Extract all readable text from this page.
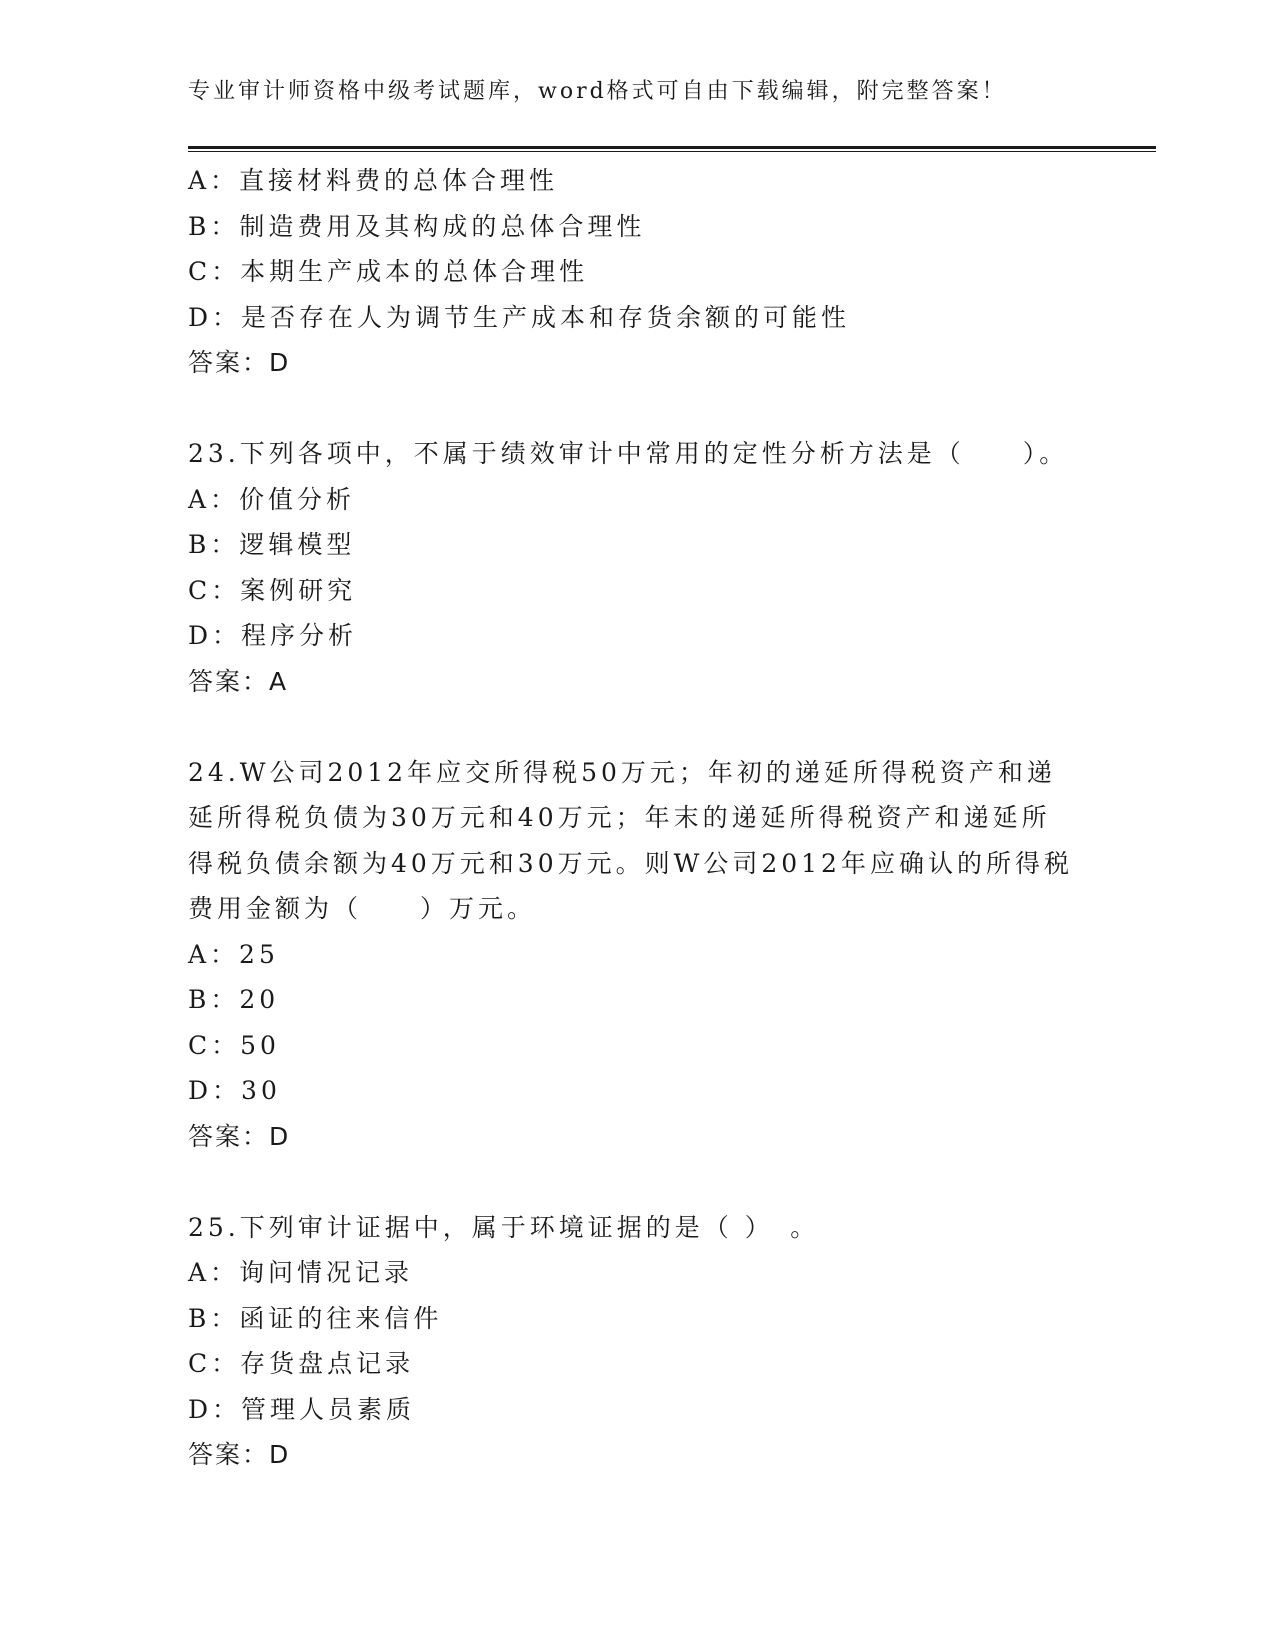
专业审计师资格中级考试题库，word格式可自由下载编辑，附完整答案！
A：直接材料费的总体合理性
B：制造费用及其构成的总体合理性
C：本期生产成本的总体合理性
D：是否存在人为调节生产成本和存货余额的可能性
答案：D
23.下列各项中，不属于绩效审计中常用的定性分析方法是（　　）。
A：价值分析
B：逻辑模型
C：案例研究
D：程序分析
答案：A
24.W公司2012年应交所得税50万元；年初的递延所得税资产和递延所得税负债为30万元和40万元；年末的递延所得税资产和递延所得税负债余额为40万元和30万元。则W公司2012年应确认的所得税费用金额为（　　）万元。
A：25
B：20
C：50
D：30
答案：D
25.下列审计证据中，属于环境证据的是（ ）　。
A：询问情况记录
B：函证的往来信件
C：存货盘点记录
D：管理人员素质
答案：D
